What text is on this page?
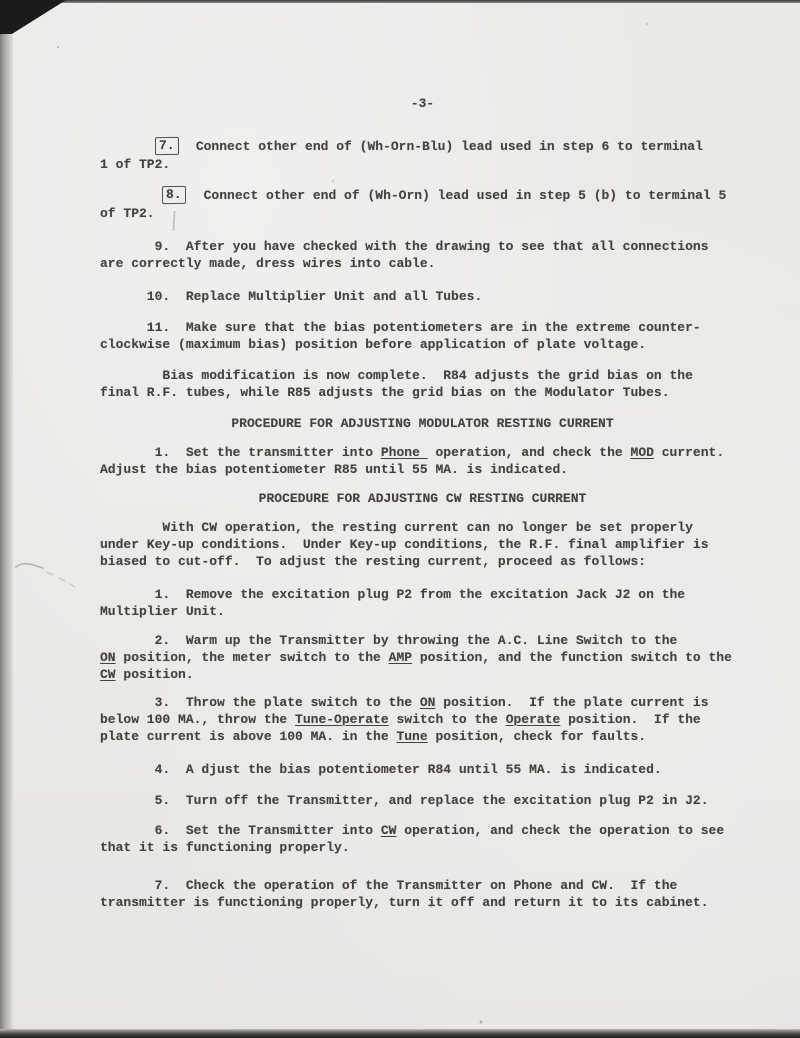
-3-

7.  Connect other end of (Wh-Orn-Blu) lead used in step 6 to terminal
1 of TP2.

8.  Connect other end of (Wh-Orn) lead used in step 5 (b) to terminal 5
of TP2.

9.  After you have checked with the drawing to see that all connections
are correctly made, dress wires into cable.

10.  Replace Multiplier Unit and all Tubes.

11.  Make sure that the bias potentiometers are in the extreme counter-
clockwise (maximum bias) position before application of plate voltage.

Bias modification is now complete.  R84 adjusts the grid bias on the
final R.F. tubes, while R85 adjusts the grid bias on the Modulator Tubes.

PROCEDURE FOR ADJUSTING MODULATOR RESTING CURRENT

1.  Set the transmitter into Phone  operation, and check the MOD current.
Adjust the bias potentiometer R85 until 55 MA. is indicated.

PROCEDURE FOR ADJUSTING CW RESTING CURRENT

With CW operation, the resting current can no longer be set properly
under Key-up conditions.  Under Key-up conditions, the R.F. final amplifier is
biased to cut-off.  To adjust the resting current, proceed as follows:

1.  Remove the excitation plug P2 from the excitation Jack J2 on the
Multiplier Unit.

2.  Warm up the Transmitter by throwing the A.C. Line Switch to the
ON position, the meter switch to the AMP position, and the function switch to the
CW position.

3.  Throw the plate switch to the ON position.  If the plate current is
below 100 MA., throw the Tune-Operate switch to the Operate position.  If the
plate current is above 100 MA. in the Tune position, check for faults.

4.  A djust the bias potentiometer R84 until 55 MA. is indicated.

5.  Turn off the Transmitter, and replace the excitation plug P2 in J2.

6.  Set the Transmitter into CW operation, and check the operation to see
that it is functioning properly.

7.  Check the operation of the Transmitter on Phone and CW.  If the
transmitter is functioning properly, turn it off and return it to its cabinet.
